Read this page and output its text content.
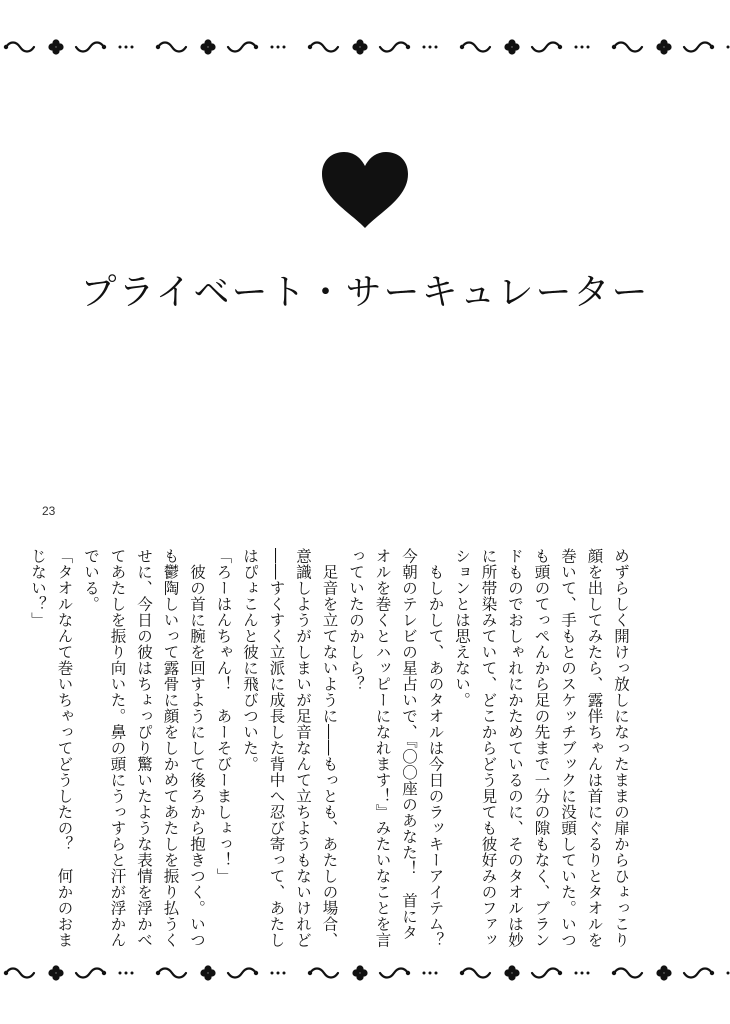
プライベート・サーキュレーター
23

めずらしく開けっ放しになったままの扉からひょっこり顔を出してみたら、露伴ちゃんは首にぐるりとタオルを巻いて、手もとのスケッチブックに没頭していた。いつも頭のてっぺんから足の先まで一分の隙もなく、ブランドものでおしゃれにかためているのに、そのタオルは妙に所帯染みていて、どこからどう見ても彼好みのファッションとは思えない。

　もしかして、あのタオルは今日のラッキーアイテム？　今朝のテレビの星占いで、『〇〇座のあなた！　首にタオルを巻くとハッピーになれます！』みたいなことを言っていたのかしら？

　足音を立てないように――もっとも、あたしの場合、意識しようがしまいが足音なんて立ちようもないけれど――すくすく立派に成長した背中へ忍び寄って、あたしはぴょこんと彼に飛びついた。

「ろーはんちゃん！　あーそびーましょっ！」

　彼の首に腕を回すようにして後ろから抱きつく。いつも鬱陶しいって露骨に顔をしかめてあたしを振り払うくせに、今日の彼はちょっぴり驚いたような表情を浮かべてあたしを振り向いた。鼻の頭にうっすらと汗が浮かんでいる。

「タオルなんて巻いちゃってどうしたの？　何かのおまじない？」
